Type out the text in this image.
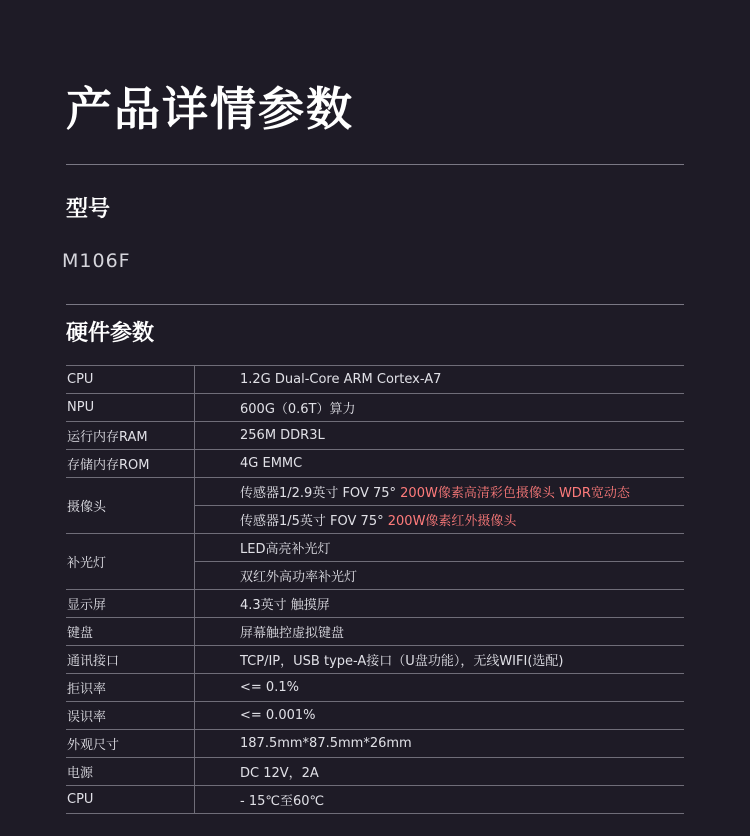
产品详情参数
型号
M106F
硬件参数
CPU	1.2G Dual-Core ARM Cortex-A7
NPU	600G（0.6T）算力
运行内存RAM	256M DDR3L
存储内存ROM	4G EMMC
摄像头	传感器1/2.9英寸 FOV 75° 200W像素高清彩色摄像头 WDR宽动态
	传感器1/5英寸 FOV 75° 200W像素红外摄像头
补光灯	LED高亮补光灯
	双红外高功率补光灯
显示屏	4.3英寸 触摸屏
键盘	屏幕触控虚拟键盘
通讯接口	TCP/IP，USB type-A接口（U盘功能），无线WIFI(选配)
拒识率	<= 0.1%
误识率	<= 0.001%
外观尺寸	187.5mm*87.5mm*26mm
电源	DC 12V，2A
CPU	- 15℃至60℃
